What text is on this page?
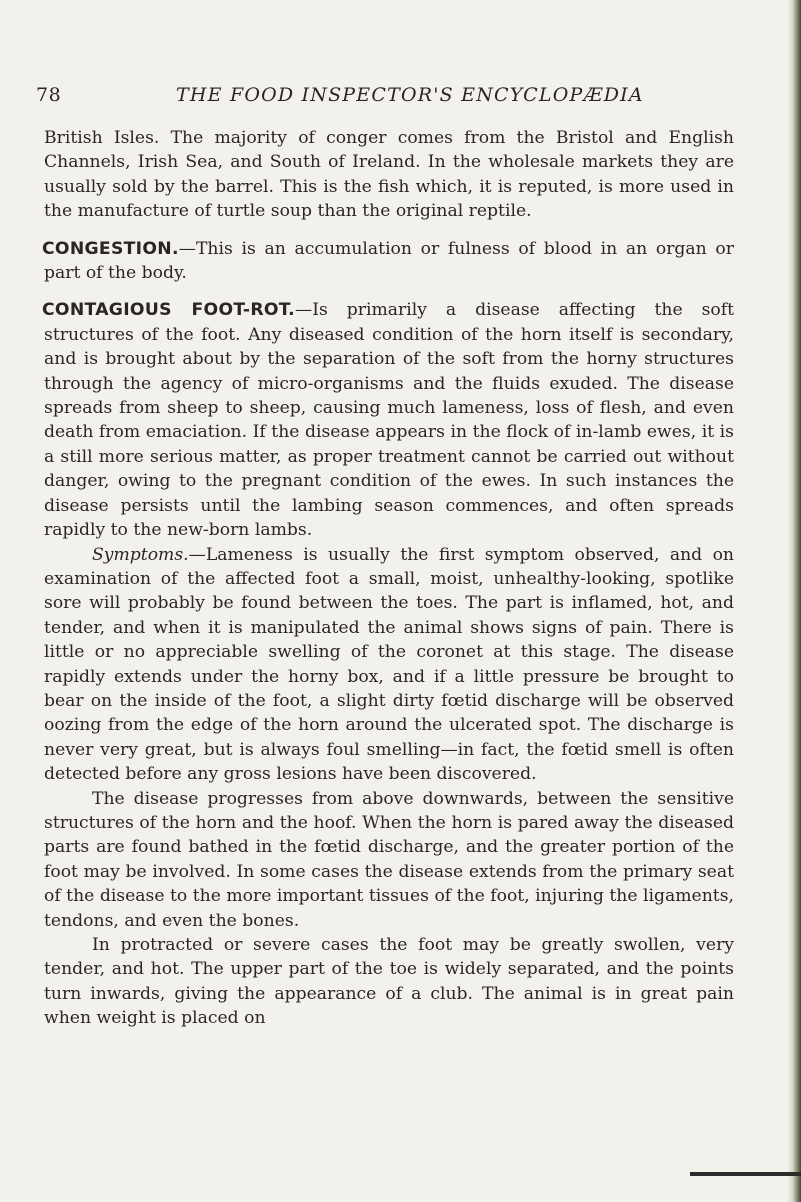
78	THE FOOD INSPECTOR'S ENCYCLOPÆDIA

British Isles. The majority of conger comes from the Bristol and English Channels, Irish Sea, and South of Ireland. In the wholesale markets they are usually sold by the barrel. This is the fish which, it is reputed, is more used in the manufacture of turtle soup than the original reptile.

CONGESTION.—This is an accumulation or fulness of blood in an organ or part of the body.

CONTAGIOUS FOOT-ROT.—Is primarily a disease affecting the soft structures of the foot. Any diseased condition of the horn itself is secondary, and is brought about by the separation of the soft from the horny structures through the agency of micro-organisms and the fluids exuded. The disease spreads from sheep to sheep, causing much lameness, loss of flesh, and even death from emaciation. If the disease appears in the flock of in-lamb ewes, it is a still more serious matter, as proper treatment cannot be carried out without danger, owing to the pregnant condition of the ewes. In such instances the disease persists until the lambing season commences, and often spreads rapidly to the new-born lambs.

Symptoms.—Lameness is usually the first symptom observed, and on examination of the affected foot a small, moist, unhealthy-looking, spotlike sore will probably be found between the toes. The part is inflamed, hot, and tender, and when it is manipulated the animal shows signs of pain. There is little or no appreciable swelling of the coronet at this stage. The disease rapidly extends under the horny box, and if a little pressure be brought to bear on the inside of the foot, a slight dirty fœtid discharge will be observed oozing from the edge of the horn around the ulcerated spot. The discharge is never very great, but is always foul smelling—in fact, the fœtid smell is often detected before any gross lesions have been discovered.

The disease progresses from above downwards, between the sensitive structures of the horn and the hoof. When the horn is pared away the diseased parts are found bathed in the fœtid discharge, and the greater portion of the foot may be involved. In some cases the disease extends from the primary seat of the disease to the more important tissues of the foot, injuring the ligaments, tendons, and even the bones.

In protracted or severe cases the foot may be greatly swollen, very tender, and hot. The upper part of the toe is widely separated, and the points turn inwards, giving the appearance of a club. The animal is in great pain when weight is placed on
